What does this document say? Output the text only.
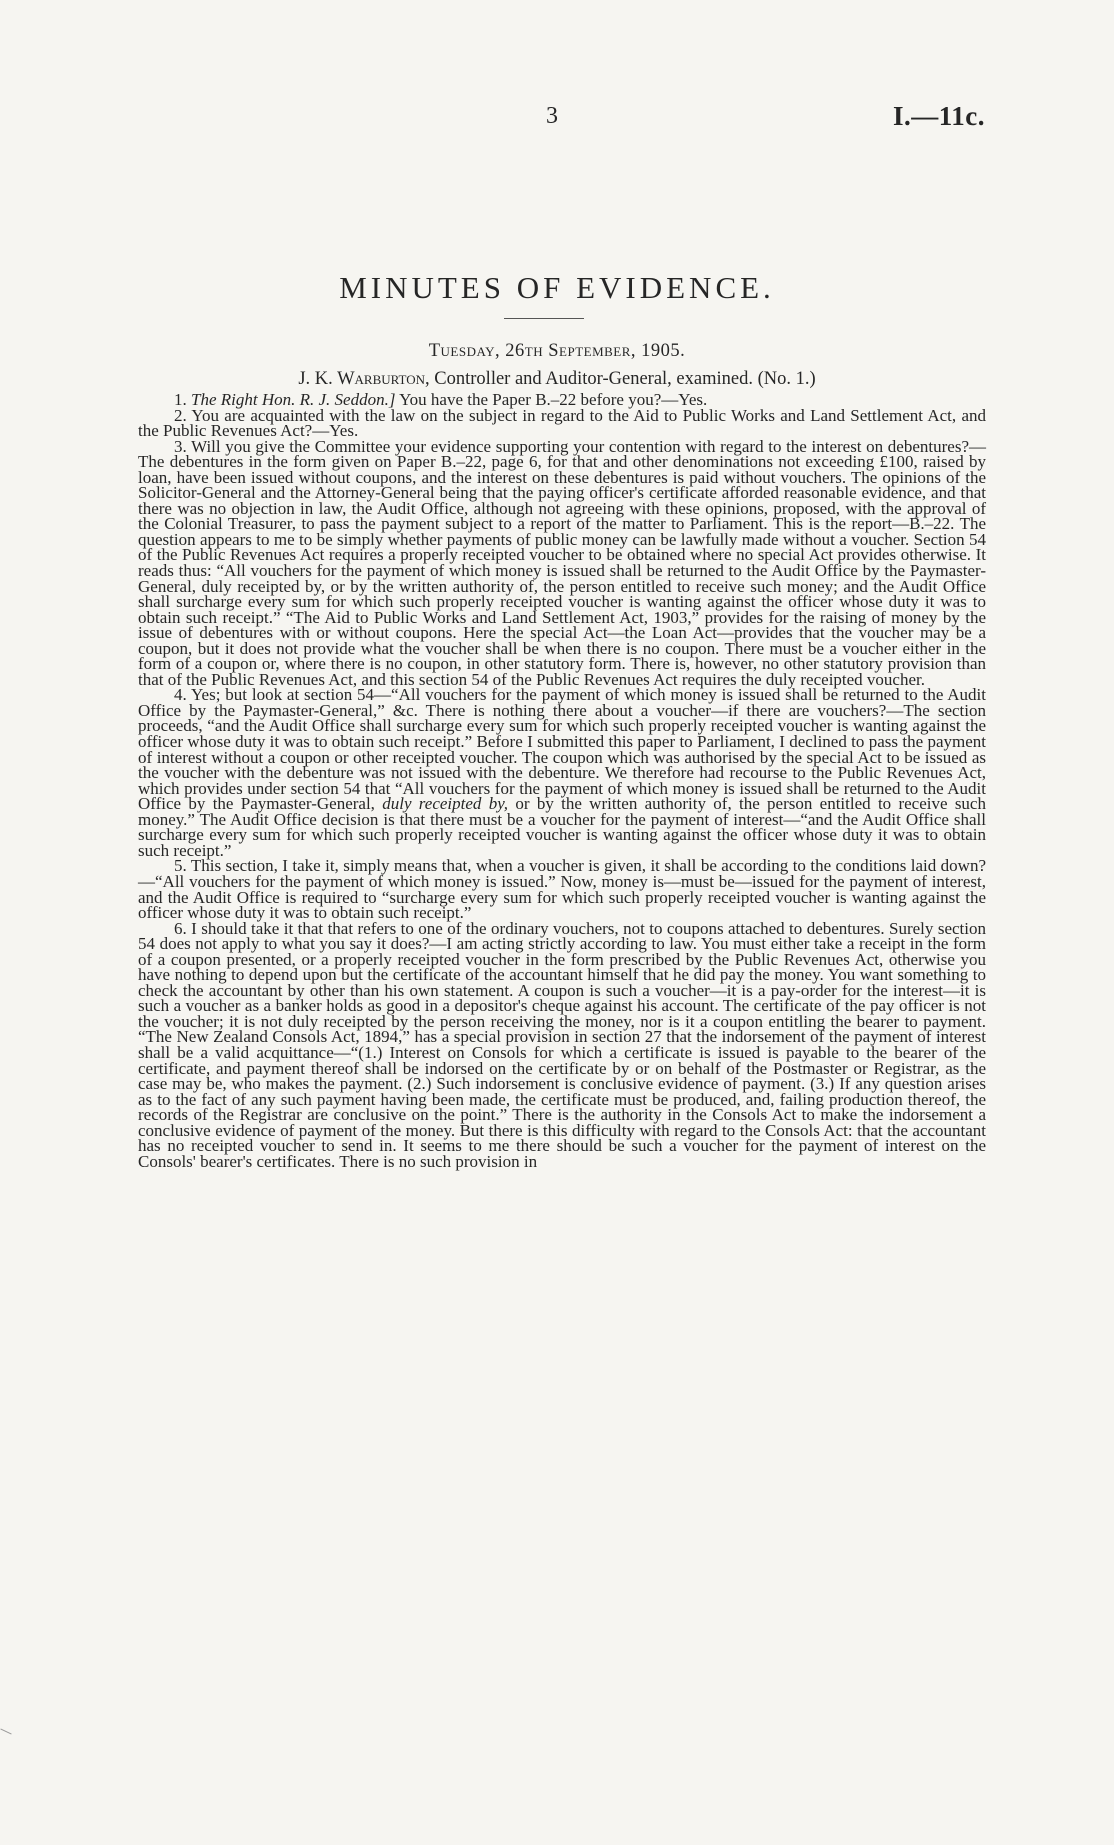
3	I.—11c.
MINUTES OF EVIDENCE.
Tuesday, 26th September, 1905.
J. K. Warburton, Controller and Auditor-General, examined. (No. 1.)

1. The Right Hon. R. J. Seddon.] You have the Paper B.–22 before you?—Yes.

2. You are acquainted with the law on the subject in regard to the Aid to Public Works and Land Settlement Act, and the Public Revenues Act?—Yes.

3. Will you give the Committee your evidence supporting your contention with regard to the interest on debentures?—The debentures in the form given on Paper B.–22, page 6, for that and other denominations not exceeding £100, raised by loan, have been issued without coupons, and the interest on these debentures is paid without vouchers. The opinions of the Solicitor-General and the Attorney-General being that the paying officer's certificate afforded reasonable evidence, and that there was no objection in law, the Audit Office, although not agreeing with these opinions, proposed, with the approval of the Colonial Treasurer, to pass the payment subject to a report of the matter to Parliament. This is the report—B.–22. The question appears to me to be simply whether payments of public money can be lawfully made without a voucher. Section 54 of the Public Revenues Act requires a properly receipted voucher to be obtained where no special Act provides otherwise. It reads thus: “All vouchers for the payment of which money is issued shall be returned to the Audit Office by the Paymaster-General, duly receipted by, or by the written authority of, the person entitled to receive such money; and the Audit Office shall surcharge every sum for which such properly receipted voucher is wanting against the officer whose duty it was to obtain such receipt.” “The Aid to Public Works and Land Settlement Act, 1903,” provides for the raising of money by the issue of debentures with or without coupons. Here the special Act—the Loan Act—provides that the voucher may be a coupon, but it does not provide what the voucher shall be when there is no coupon. There must be a voucher either in the form of a coupon or, where there is no coupon, in other statutory form. There is, however, no other statutory provision than that of the Public Revenues Act, and this section 54 of the Public Revenues Act requires the duly receipted voucher.

4. Yes; but look at section 54—“All vouchers for the payment of which money is issued shall be returned to the Audit Office by the Paymaster-General,” &c. There is nothing there about a voucher—if there are vouchers?—The section proceeds, “and the Audit Office shall surcharge every sum for which such properly receipted voucher is wanting against the officer whose duty it was to obtain such receipt.” Before I submitted this paper to Parliament, I declined to pass the payment of interest without a coupon or other receipted voucher. The coupon which was authorised by the special Act to be issued as the voucher with the debenture was not issued with the debenture. We therefore had recourse to the Public Revenues Act, which provides under section 54 that “All vouchers for the payment of which money is issued shall be returned to the Audit Office by the Paymaster-General, duly receipted by, or by the written authority of, the person entitled to receive such money.” The Audit Office decision is that there must be a voucher for the payment of interest—“and the Audit Office shall surcharge every sum for which such properly receipted voucher is wanting against the officer whose duty it was to obtain such receipt.”

5. This section, I take it, simply means that, when a voucher is given, it shall be according to the conditions laid down?—“All vouchers for the payment of which money is issued.” Now, money is—must be—issued for the payment of interest, and the Audit Office is required to “surcharge every sum for which such properly receipted voucher is wanting against the officer whose duty it was to obtain such receipt.”

6. I should take it that that refers to one of the ordinary vouchers, not to coupons attached to debentures. Surely section 54 does not apply to what you say it does?—I am acting strictly according to law. You must either take a receipt in the form of a coupon presented, or a properly receipted voucher in the form prescribed by the Public Revenues Act, otherwise you have nothing to depend upon but the certificate of the accountant himself that he did pay the money. You want something to check the accountant by other than his own statement. A coupon is such a voucher—it is a pay-order for the interest—it is such a voucher as a banker holds as good in a depositor's cheque against his account. The certificate of the pay officer is not the voucher; it is not duly receipted by the person receiving the money, nor is it a coupon entitling the bearer to payment. “The New Zealand Consols Act, 1894,” has a special provision in section 27 that the indorsement of the payment of interest shall be a valid acquittance—“(1.) Interest on Consols for which a certificate is issued is payable to the bearer of the certificate, and payment thereof shall be indorsed on the certificate by or on behalf of the Postmaster or Registrar, as the case may be, who makes the payment. (2.) Such indorsement is conclusive evidence of payment. (3.) If any question arises as to the fact of any such payment having been made, the certificate must be produced, and, failing production thereof, the records of the Registrar are conclusive on the point.” There is the authority in the Consols Act to make the indorsement a conclusive evidence of payment of the money. But there is this difficulty with regard to the Consols Act: that the accountant has no receipted voucher to send in. It seems to me there should be such a voucher for the payment of interest on the Consols' bearer's certificates. There is no such provision in
